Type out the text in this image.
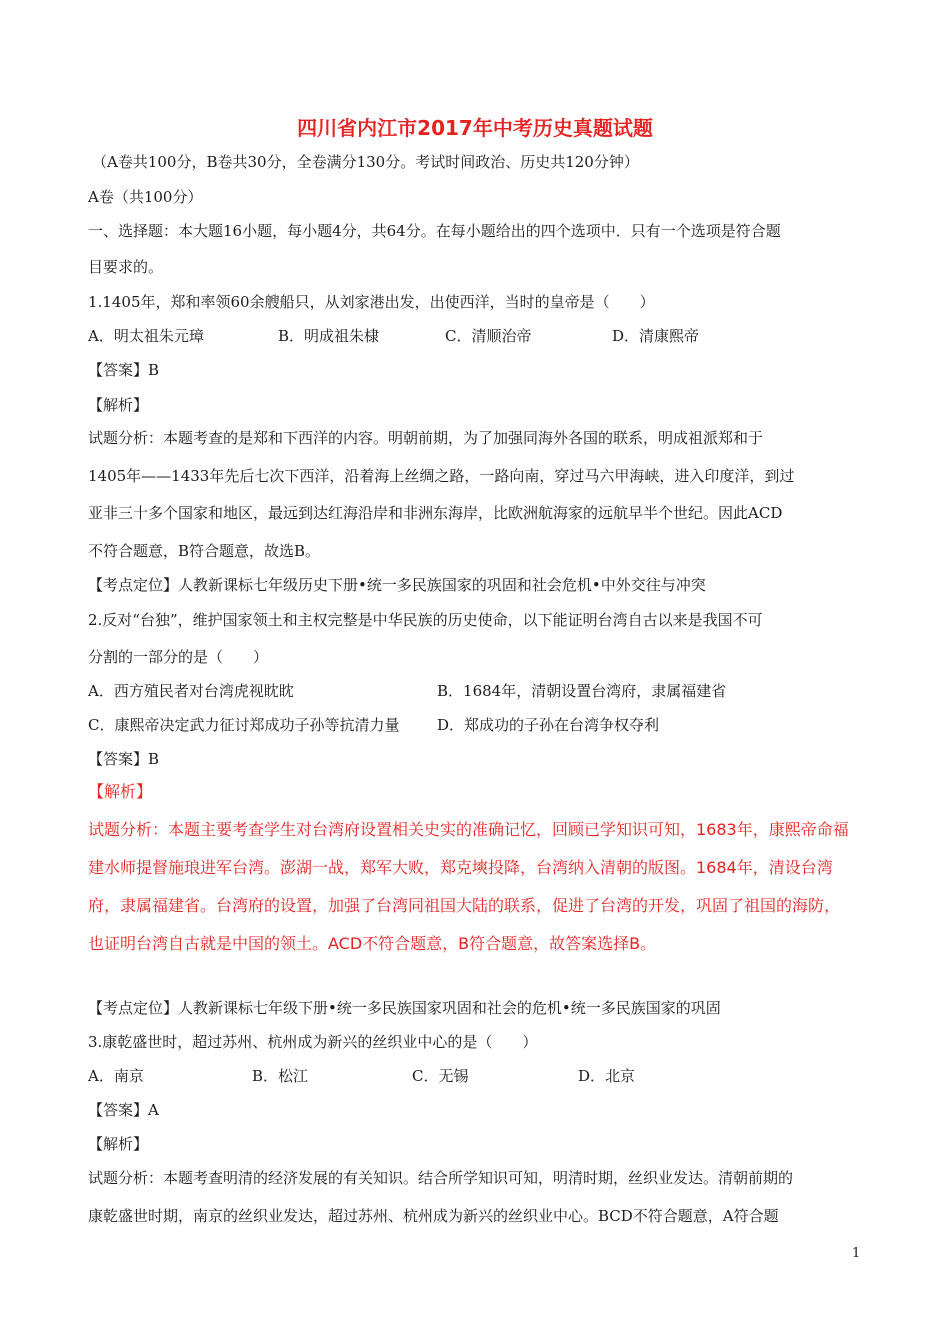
四川省内江市2017年中考历史真题试题
（A卷共100分，B卷共30分，全卷满分130分。考试时间政治、历史共120分钟）
A卷（共100分）
一、选择题：本大题16小题，每小题4分，共64分。在每小题给出的四个选项中．只有一个选项是符合题
目要求的。
1.1405年，郑和率领60余艘船只，从刘家港出发，出使西洋，当时的皇帝是（　　）
A．明太祖朱元璋	B．明成祖朱棣	C．清顺治帝	D．清康熙帝
【答案】B
【解析】
试题分析：本题考查的是郑和下西洋的内容。明朝前期，为了加强同海外各国的联系，明成祖派郑和于
1405年——1433年先后七次下西洋，沿着海上丝绸之路，一路向南，穿过马六甲海峡，进入印度洋，到过
亚非三十多个国家和地区，最远到达红海沿岸和非洲东海岸，比欧洲航海家的远航早半个世纪。因此ACD
不符合题意，B符合题意，故选B。
【考点定位】人教新课标七年级历史下册•统一多民族国家的巩固和社会危机•中外交往与冲突
2.反对“台独”，维护国家领土和主权完整是中华民族的历史使命，以下能证明台湾自古以来是我国不可
分割的一部分的是（　　）
A．西方殖民者对台湾虎视眈眈	B．1684年，清朝设置台湾府，隶属福建省
C．康熙帝决定武力征讨郑成功子孙等抗清力量	D．郑成功的子孙在台湾争权夺利
【答案】B
【解析】
试题分析：本题主要考查学生对台湾府设置相关史实的准确记忆，回顾已学知识可知，1683年，康熙帝命福
建水师提督施琅进军台湾。澎湖一战，郑军大败，郑克塽投降，台湾纳入清朝的版图。1684年，清设台湾
府，隶属福建省。台湾府的设置，加强了台湾同祖国大陆的联系，促进了台湾的开发，巩固了祖国的海防，
也证明台湾自古就是中国的领土。ACD不符合题意，B符合题意，故答案选择B。
【考点定位】人教新课标七年级下册•统一多民族国家巩固和社会的危机•统一多民族国家的巩固
3.康乾盛世时，超过苏州、杭州成为新兴的丝织业中心的是（　　）
A．南京	B．松江	C．无锡	D．北京
【答案】A
【解析】
试题分析：本题考查明清的经济发展的有关知识。结合所学知识可知，明清时期，丝织业发达。清朝前期的
康乾盛世时期，南京的丝织业发达，超过苏州、杭州成为新兴的丝织业中心。BCD不符合题意，A符合题
1
